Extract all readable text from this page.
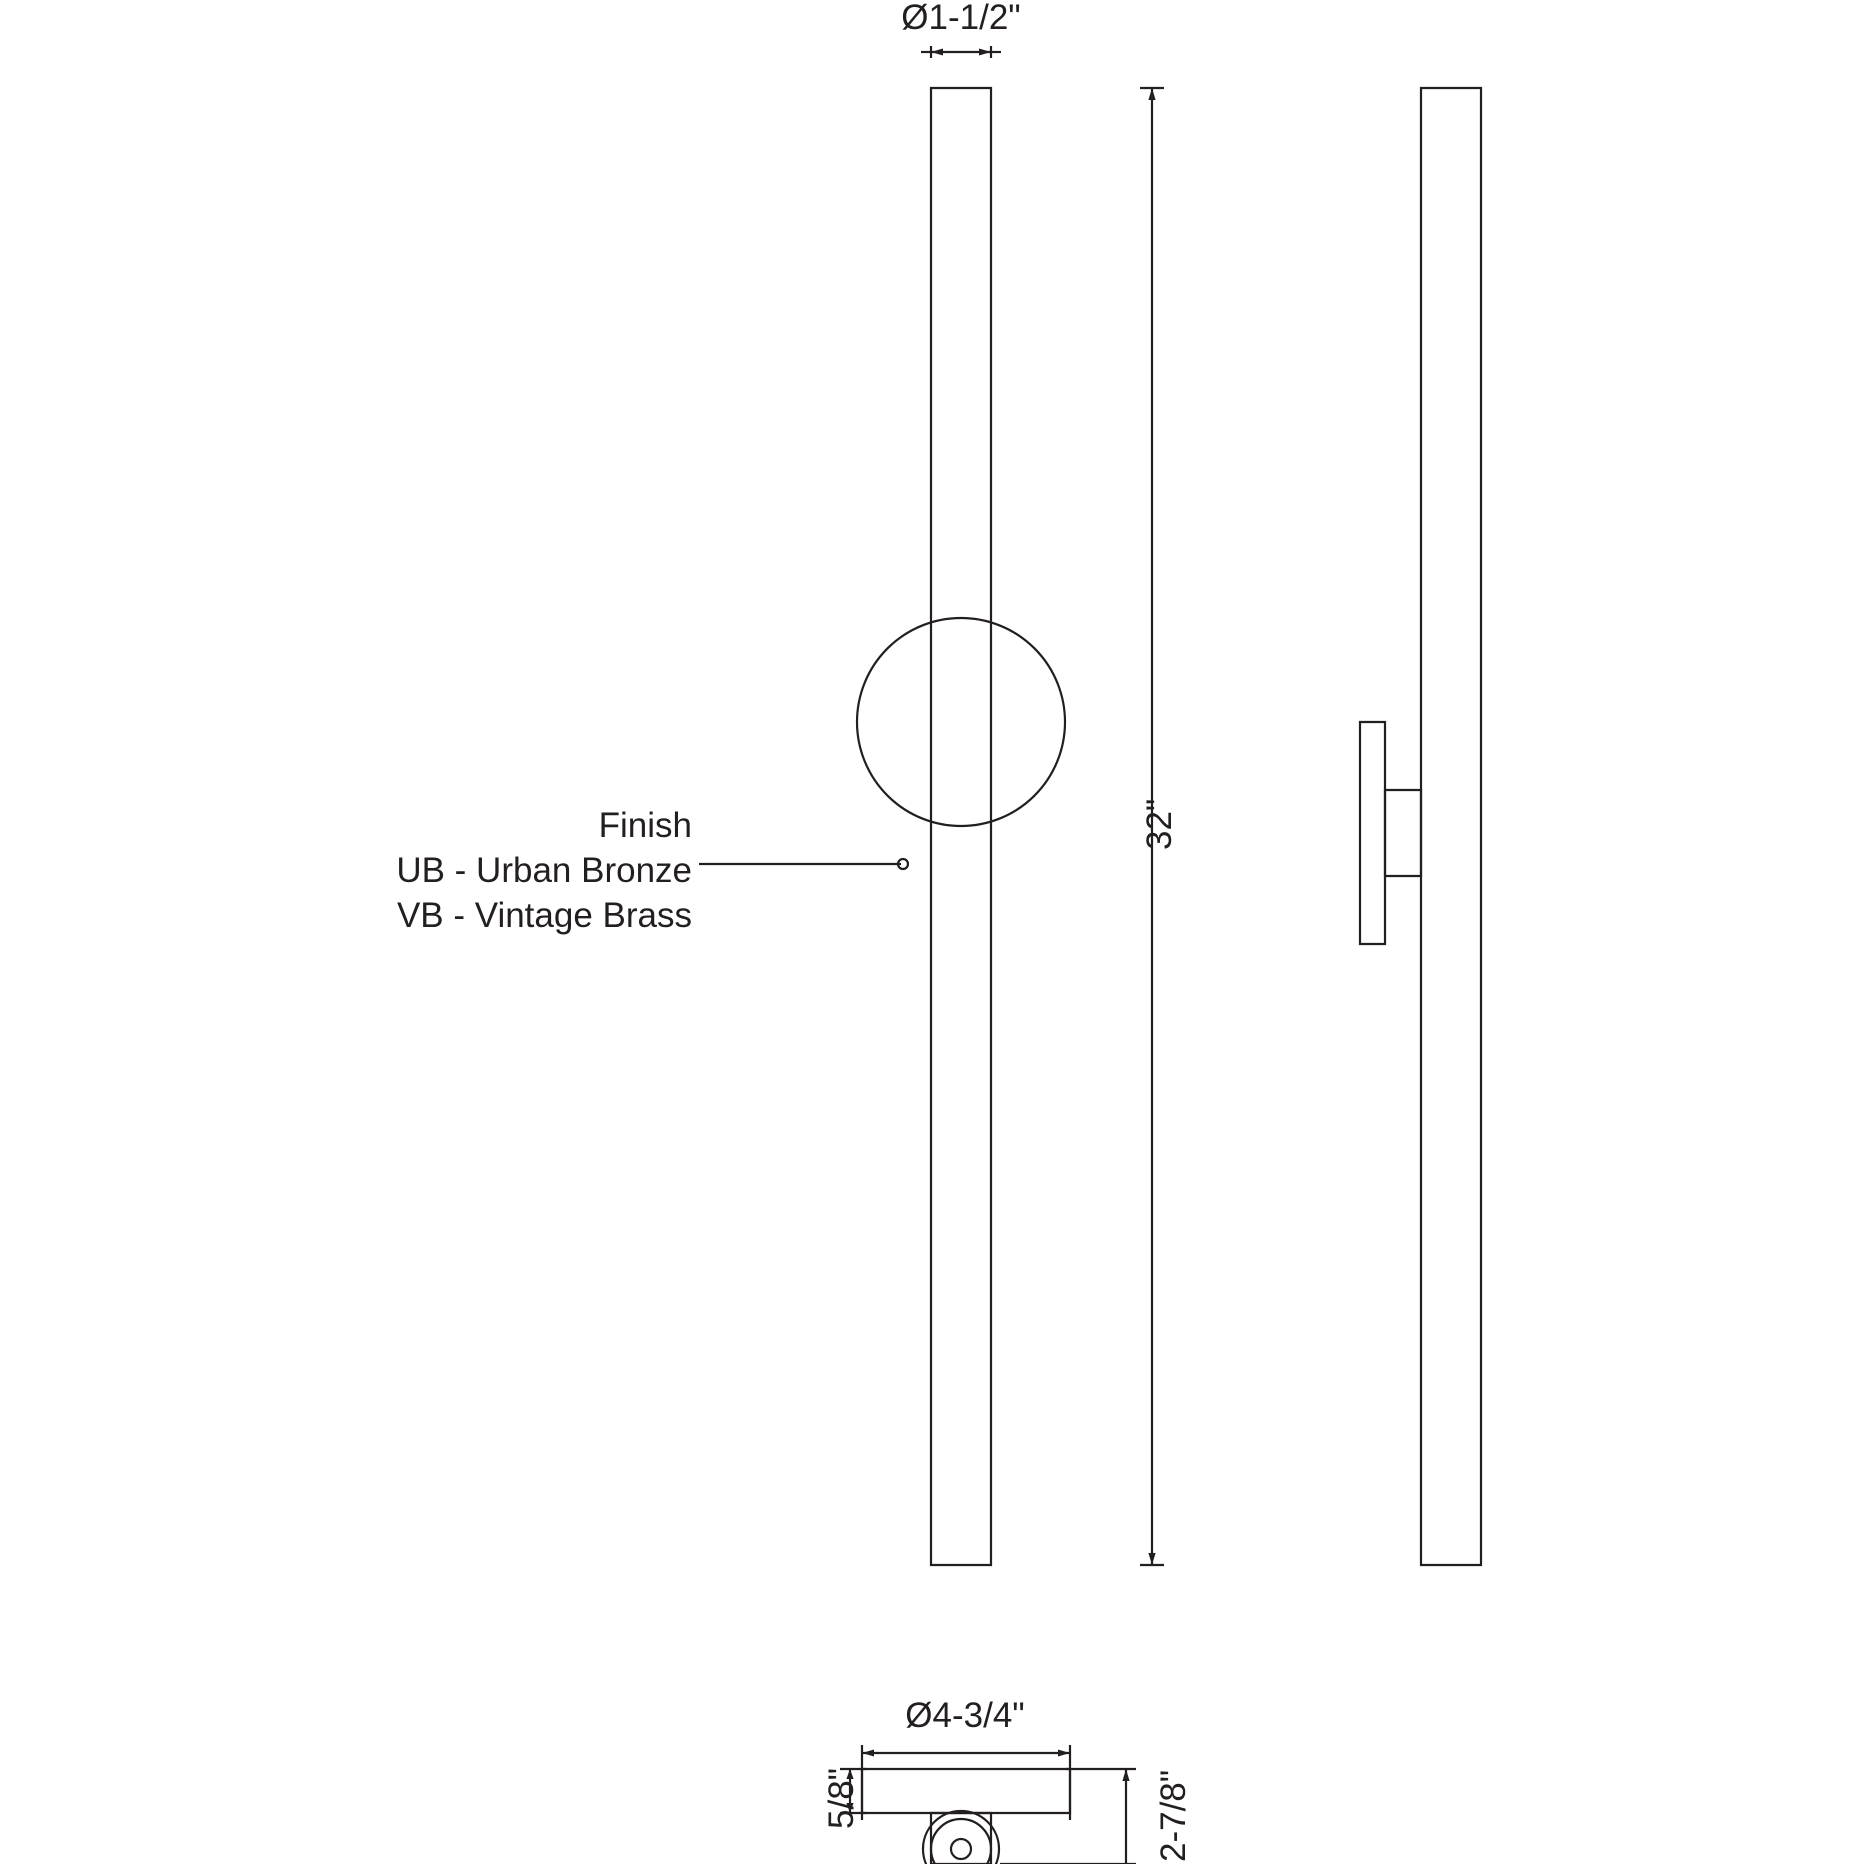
Ø1-1/2"
32"
Finish
UB - Urban Bronze
VB - Vintage Brass
Ø4-3/4"
5/8"	2-7/8"
